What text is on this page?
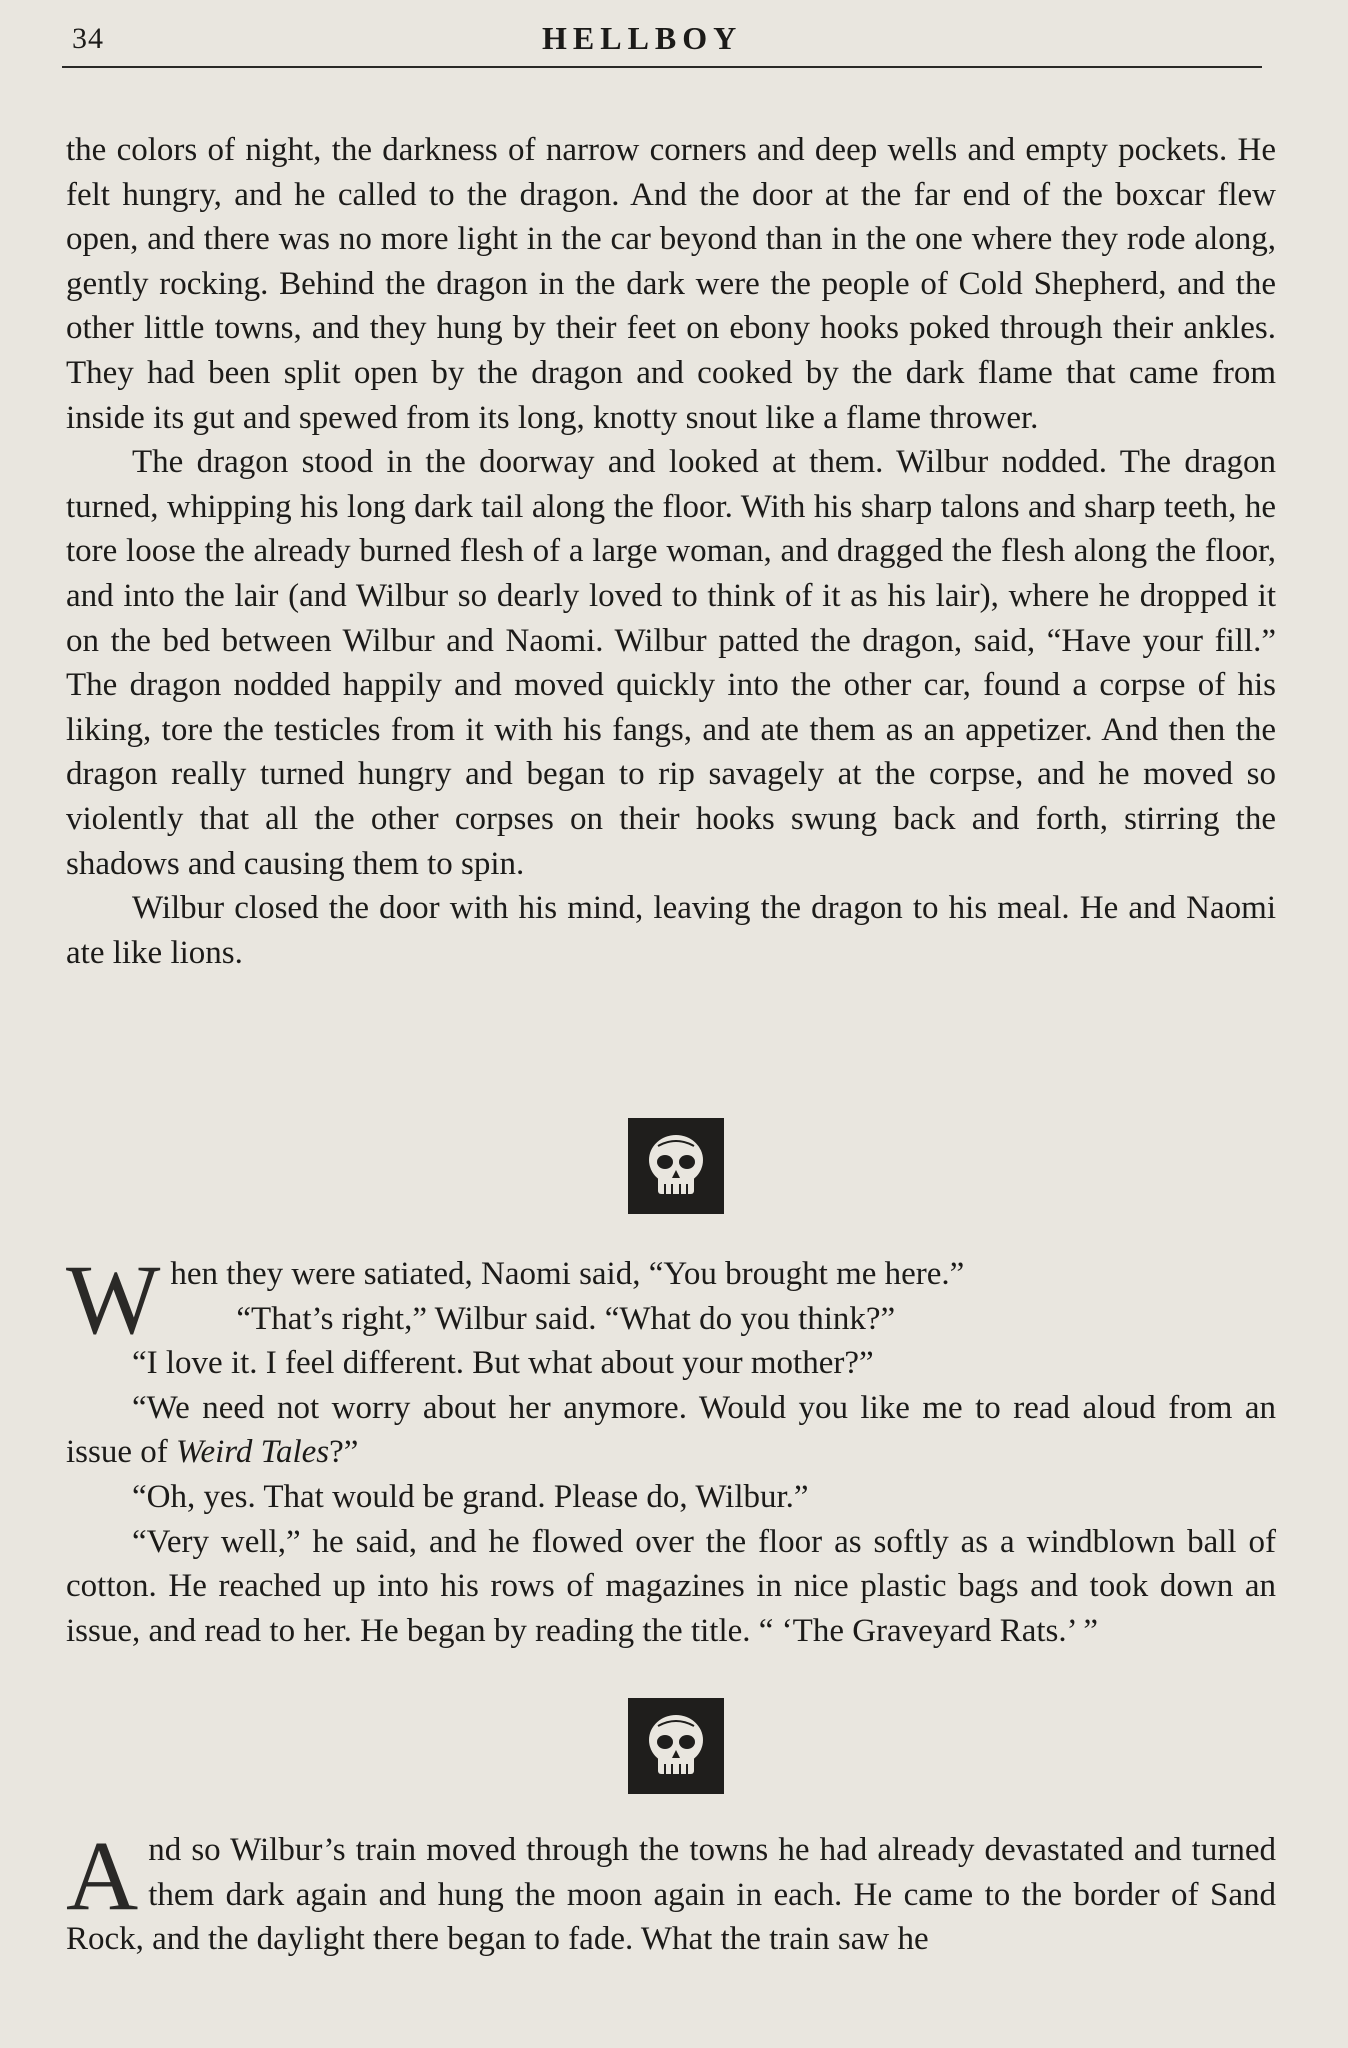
34	HELLBOY

the colors of night, the darkness of narrow corners and deep wells and empty pockets. He felt hungry, and he called to the dragon. And the door at the far end of the boxcar flew open, and there was no more light in the car beyond than in the one where they rode along, gently rocking. Behind the dragon in the dark were the people of Cold Shepherd, and the other little towns, and they hung by their feet on ebony hooks poked through their ankles. They had been split open by the dragon and cooked by the dark flame that came from inside its gut and spewed from its long, knotty snout like a flame thrower.

The dragon stood in the doorway and looked at them. Wilbur nodded. The dragon turned, whipping his long dark tail along the floor. With his sharp talons and sharp teeth, he tore loose the already burned flesh of a large woman, and dragged the flesh along the floor, and into the lair (and Wilbur so dearly loved to think of it as his lair), where he dropped it on the bed between Wilbur and Naomi. Wilbur patted the dragon, said, “Have your fill.” The dragon nodded happily and moved quickly into the other car, found a corpse of his liking, tore the testicles from it with his fangs, and ate them as an appetizer. And then the dragon really turned hungry and began to rip savagely at the corpse, and he moved so violently that all the other corpses on their hooks swung back and forth, stirring the shadows and causing them to spin.

Wilbur closed the door with his mind, leaving the dragon to his meal. He and Naomi ate like lions.

When they were satiated, Naomi said, “You brought me here.”

“That’s right,” Wilbur said. “What do you think?”

“I love it. I feel different. But what about your mother?”

“We need not worry about her anymore. Would you like me to read aloud from an issue of Weird Tales?”

“Oh, yes. That would be grand. Please do, Wilbur.”

“Very well,” he said, and he flowed over the floor as softly as a windblown ball of cotton. He reached up into his rows of magazines in nice plastic bags and took down an issue, and read to her. He began by reading the title. “ ‘The Graveyard Rats.’ ”

And so Wilbur’s train moved through the towns he had already devastated and turned them dark again and hung the moon again in each. He came to the border of Sand Rock, and the daylight there began to fade. What the train saw he
